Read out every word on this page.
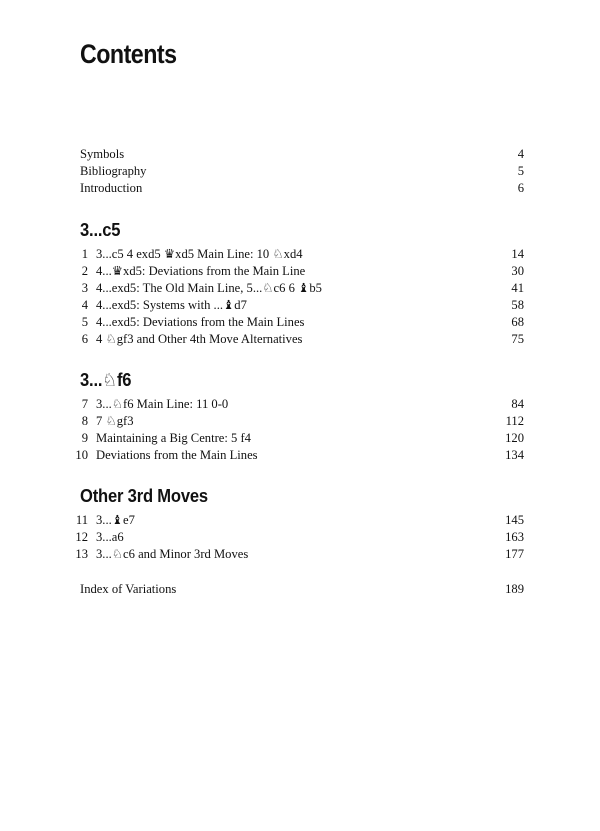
Contents
Symbols	4
Bibliography	5
Introduction	6
3...c5
1 3...c5 4 exd5 ♛xd5 Main Line: 10 ♘xd4	14
2 4...♛xd5: Deviations from the Main Line	30
3 4...exd5: The Old Main Line, 5...♘c6 6 ♝b5	41
4 4...exd5: Systems with ...♝d7	58
5 4...exd5: Deviations from the Main Lines	68
6 4 ♘gf3 and Other 4th Move Alternatives	75
3...♘f6
7 3...♘f6 Main Line: 11 0-0	84
8 7 ♘gf3	112
9 Maintaining a Big Centre: 5 f4	120
10 Deviations from the Main Lines	134
Other 3rd Moves
11 3...♝e7	145
12 3...a6	163
13 3...♘c6 and Minor 3rd Moves	177
Index of Variations	189
